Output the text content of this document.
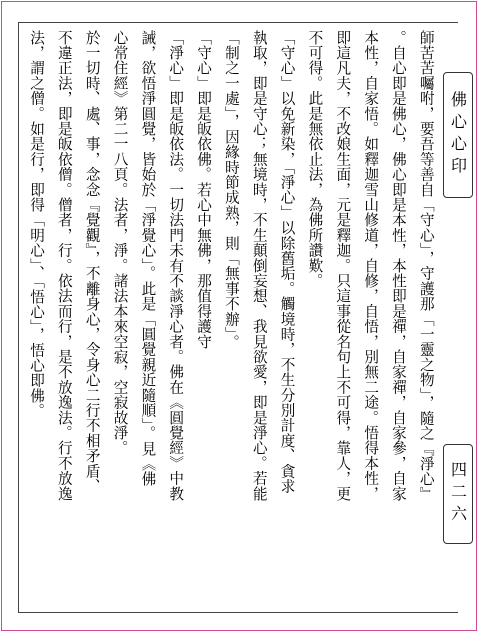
佛心心印
四二六
師苦苦囑咐，要吾等善自「守心」，守護那「一靈之物」，隨之『淨心』
。自心即是佛心，佛心即是本性，本性即是禪，自家禪，自家參，自家
本性，自家悟。如釋迦雪山修道，自修，自悟，別無二途。悟得本性，
即這凡夫，不改娘生面，元是釋迦。只這事從名句上不可得，靠人，更
不可得。此是無依止法，為佛所讚歎。
「守心」以免新染，「淨心」以除舊垢。觸境時，不生分別計度、貪求
執取，即是守心；無境時，不生顛倒妄想、我見欲愛，即是淨心。若能
「制之一處」，因緣時節成熟，則「無事不辦」。
「守心」即是皈依佛。若心中無佛，那值得護守
「淨心」即是皈依法。一切法門未有不談淨心者。佛在《圓覺經》中教
誡，欲悟淨圓覺，皆始於「淨覺心」。此是「圓覺親近隨順」。見《佛
心常住經》第二一八頁。法者，淨。諸法本來空寂，空寂故淨。
於一切時、處、事，念念『覺觀』，不離身心，令身心二行不相矛盾、
不違正法，即是皈依僧。僧者，行。依法而行，是不放逸法。行不放逸
法，謂之僧。如是行，即得「明心」、「悟心」，悟心即佛。
